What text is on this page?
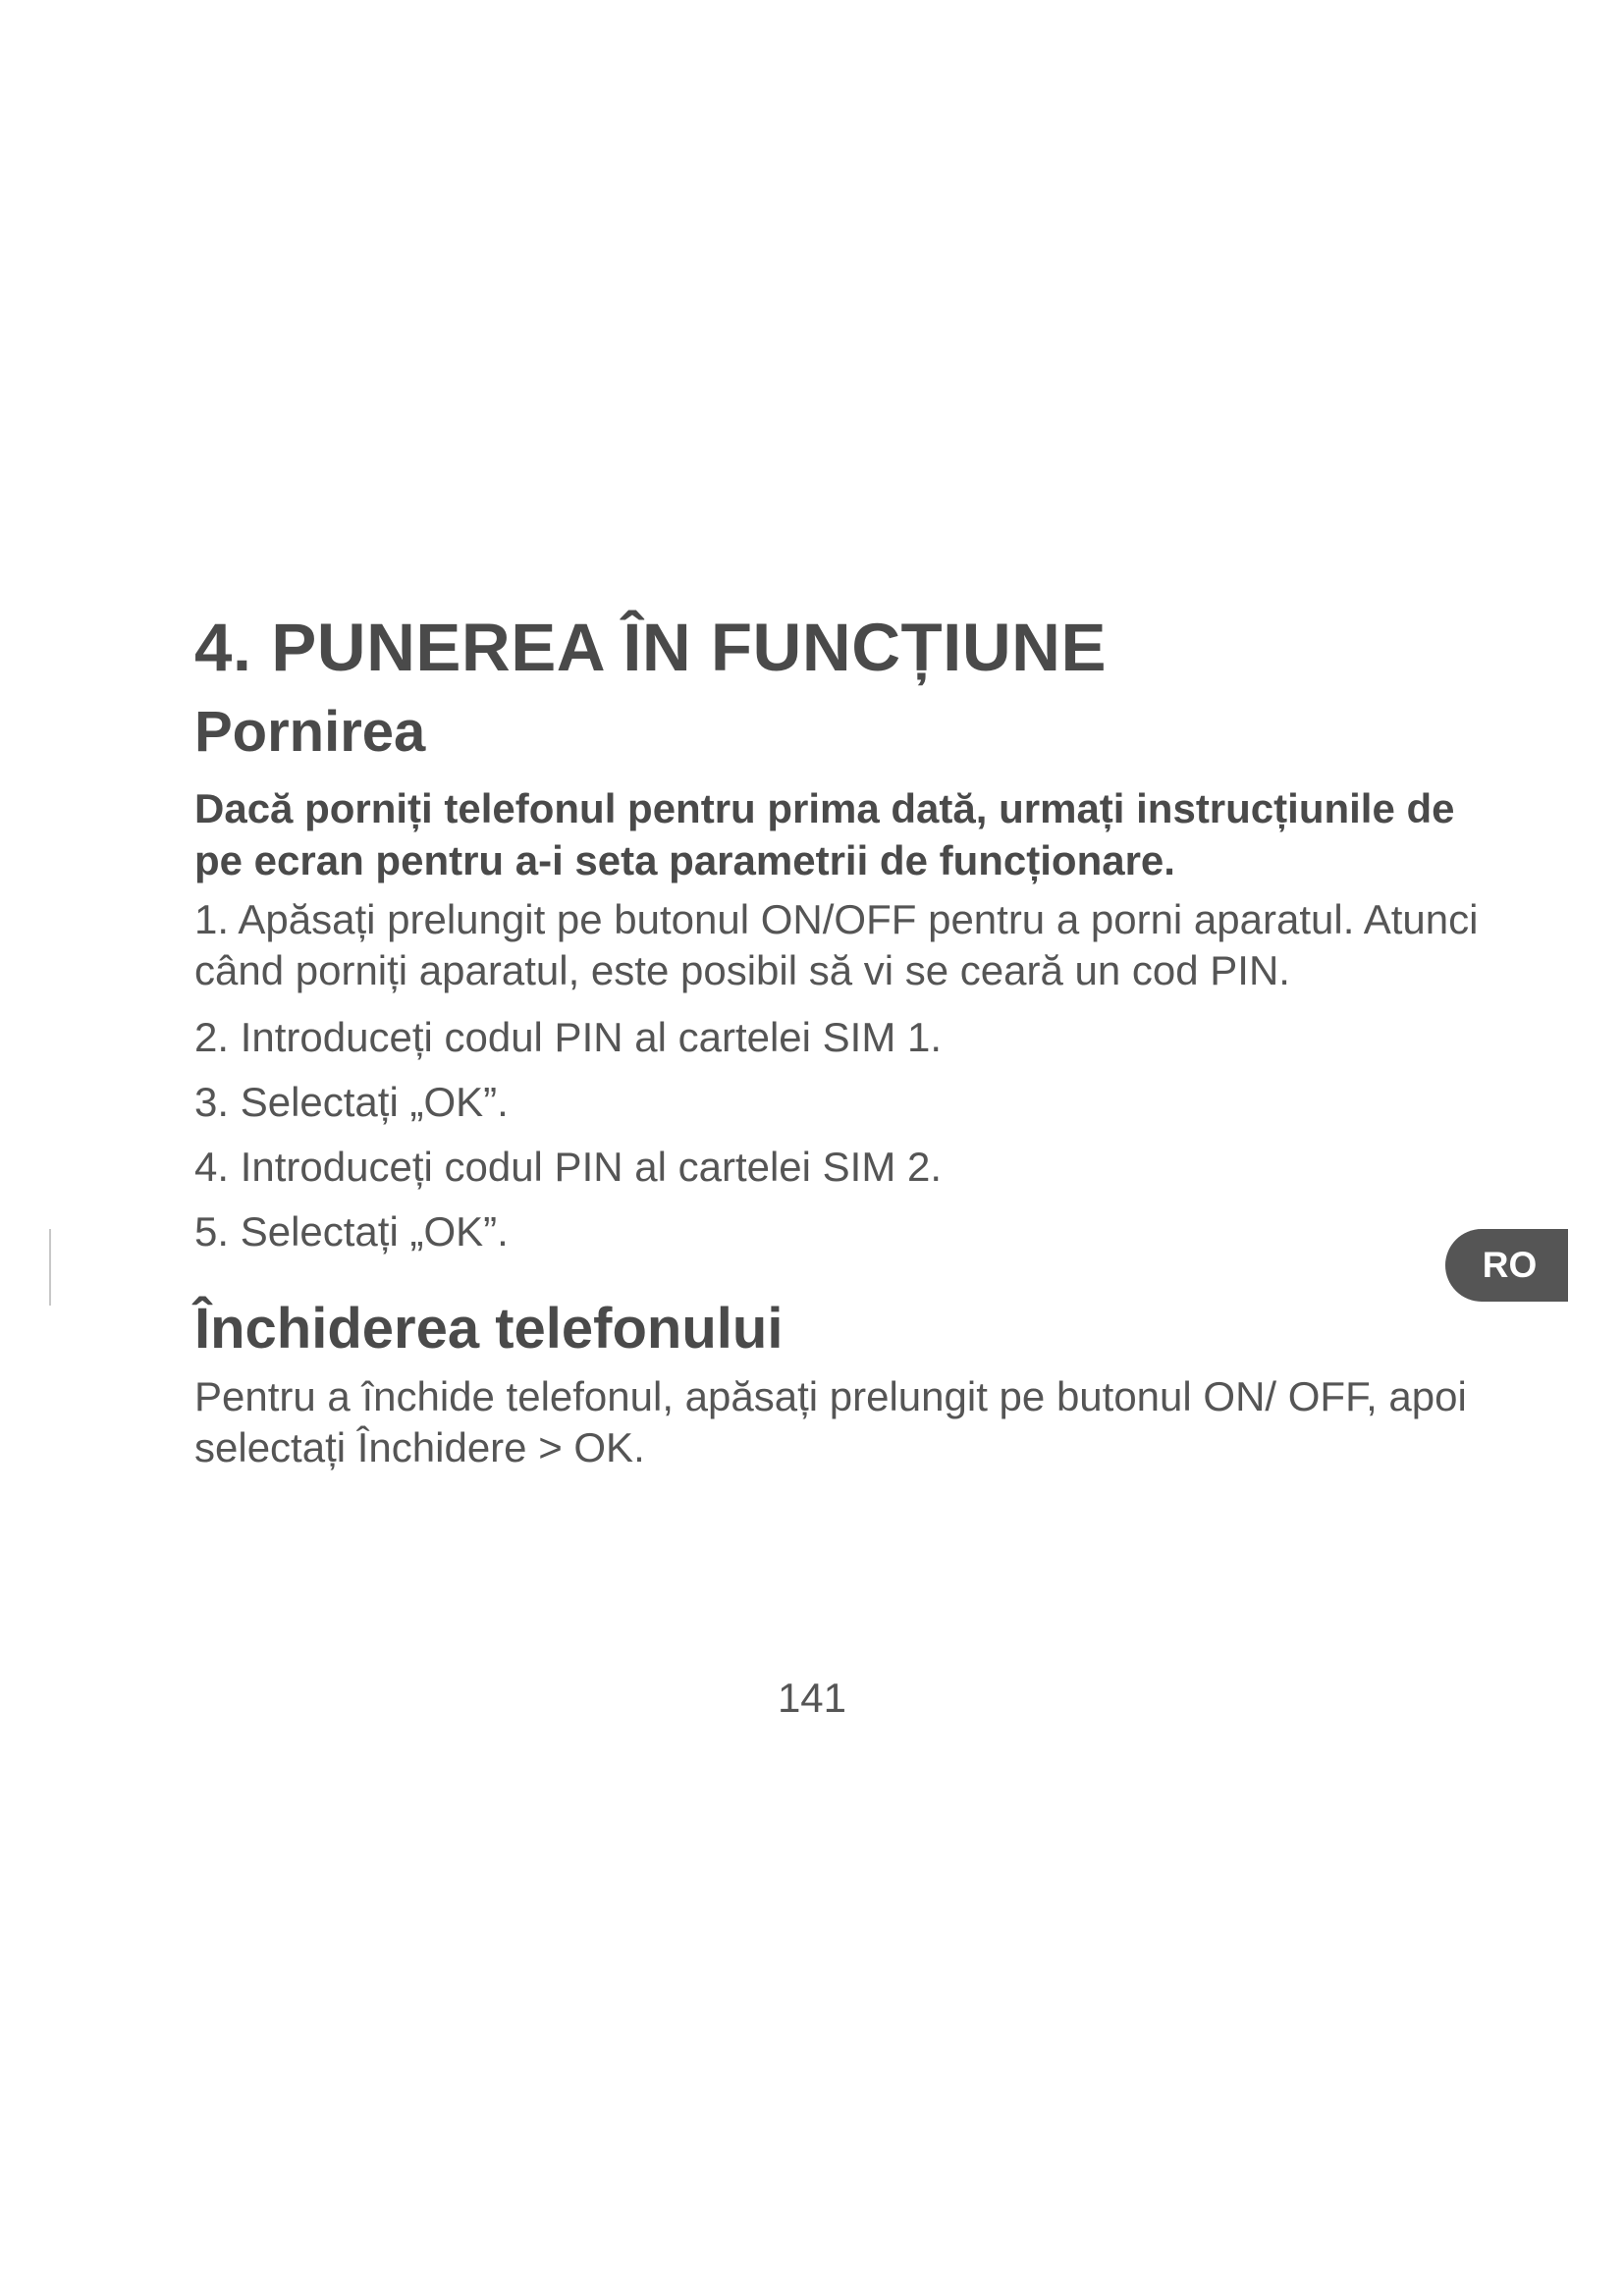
4. PUNEREA ÎN FUNCȚIUNE
Pornirea

Dacă porniți telefonul pentru prima dată, urmați instrucțiunile de pe ecran pentru a-i seta parametrii de funcționare.

1. Apăsați prelungit pe butonul ON/OFF pentru a porni aparatul. Atunci când porniți aparatul, este posibil să vi se ceară un cod PIN.

2. Introduceți codul PIN al cartelei SIM 1.

3. Selectați „OK”.

4. Introduceți codul PIN al cartelei SIM 2.

5. Selectați „OK”.

Închiderea telefonului

Pentru a închide telefonul, apăsați prelungit pe butonul ON/ OFF, apoi selectați Închidere > OK.

RO
141
